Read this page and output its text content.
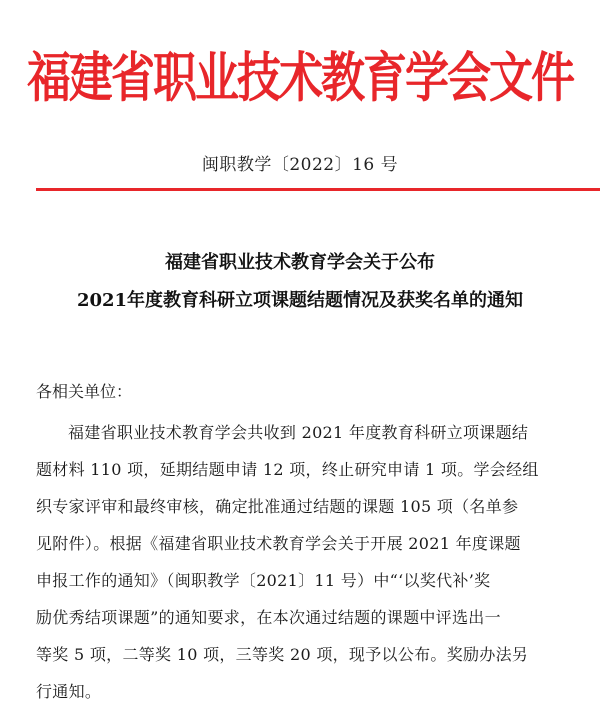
福建省职业技术教育学会文件
闽职教学〔2022〕16 号
福建省职业技术教育学会关于公布
2021年度教育科研立项课题结题情况及获奖名单的通知
各相关单位：
福建省职业技术教育学会共收到 2021 年度教育科研立项课题结
题材料 110 项，延期结题申请 12 项，终止研究申请 1 项。学会经组
织专家评审和最终审核，确定批准通过结题的课题 105 项（名单参
见附件）。根据《福建省职业技术教育学会关于开展 2021 年度课题
申报工作的通知》（闽职教学〔2021〕11 号）中“‘以奖代补’奖
励优秀结项课题”的通知要求，在本次通过结题的课题中评选出一
等奖 5 项，二等奖 10 项，三等奖 20 项，现予以公布。奖励办法另
行通知。
